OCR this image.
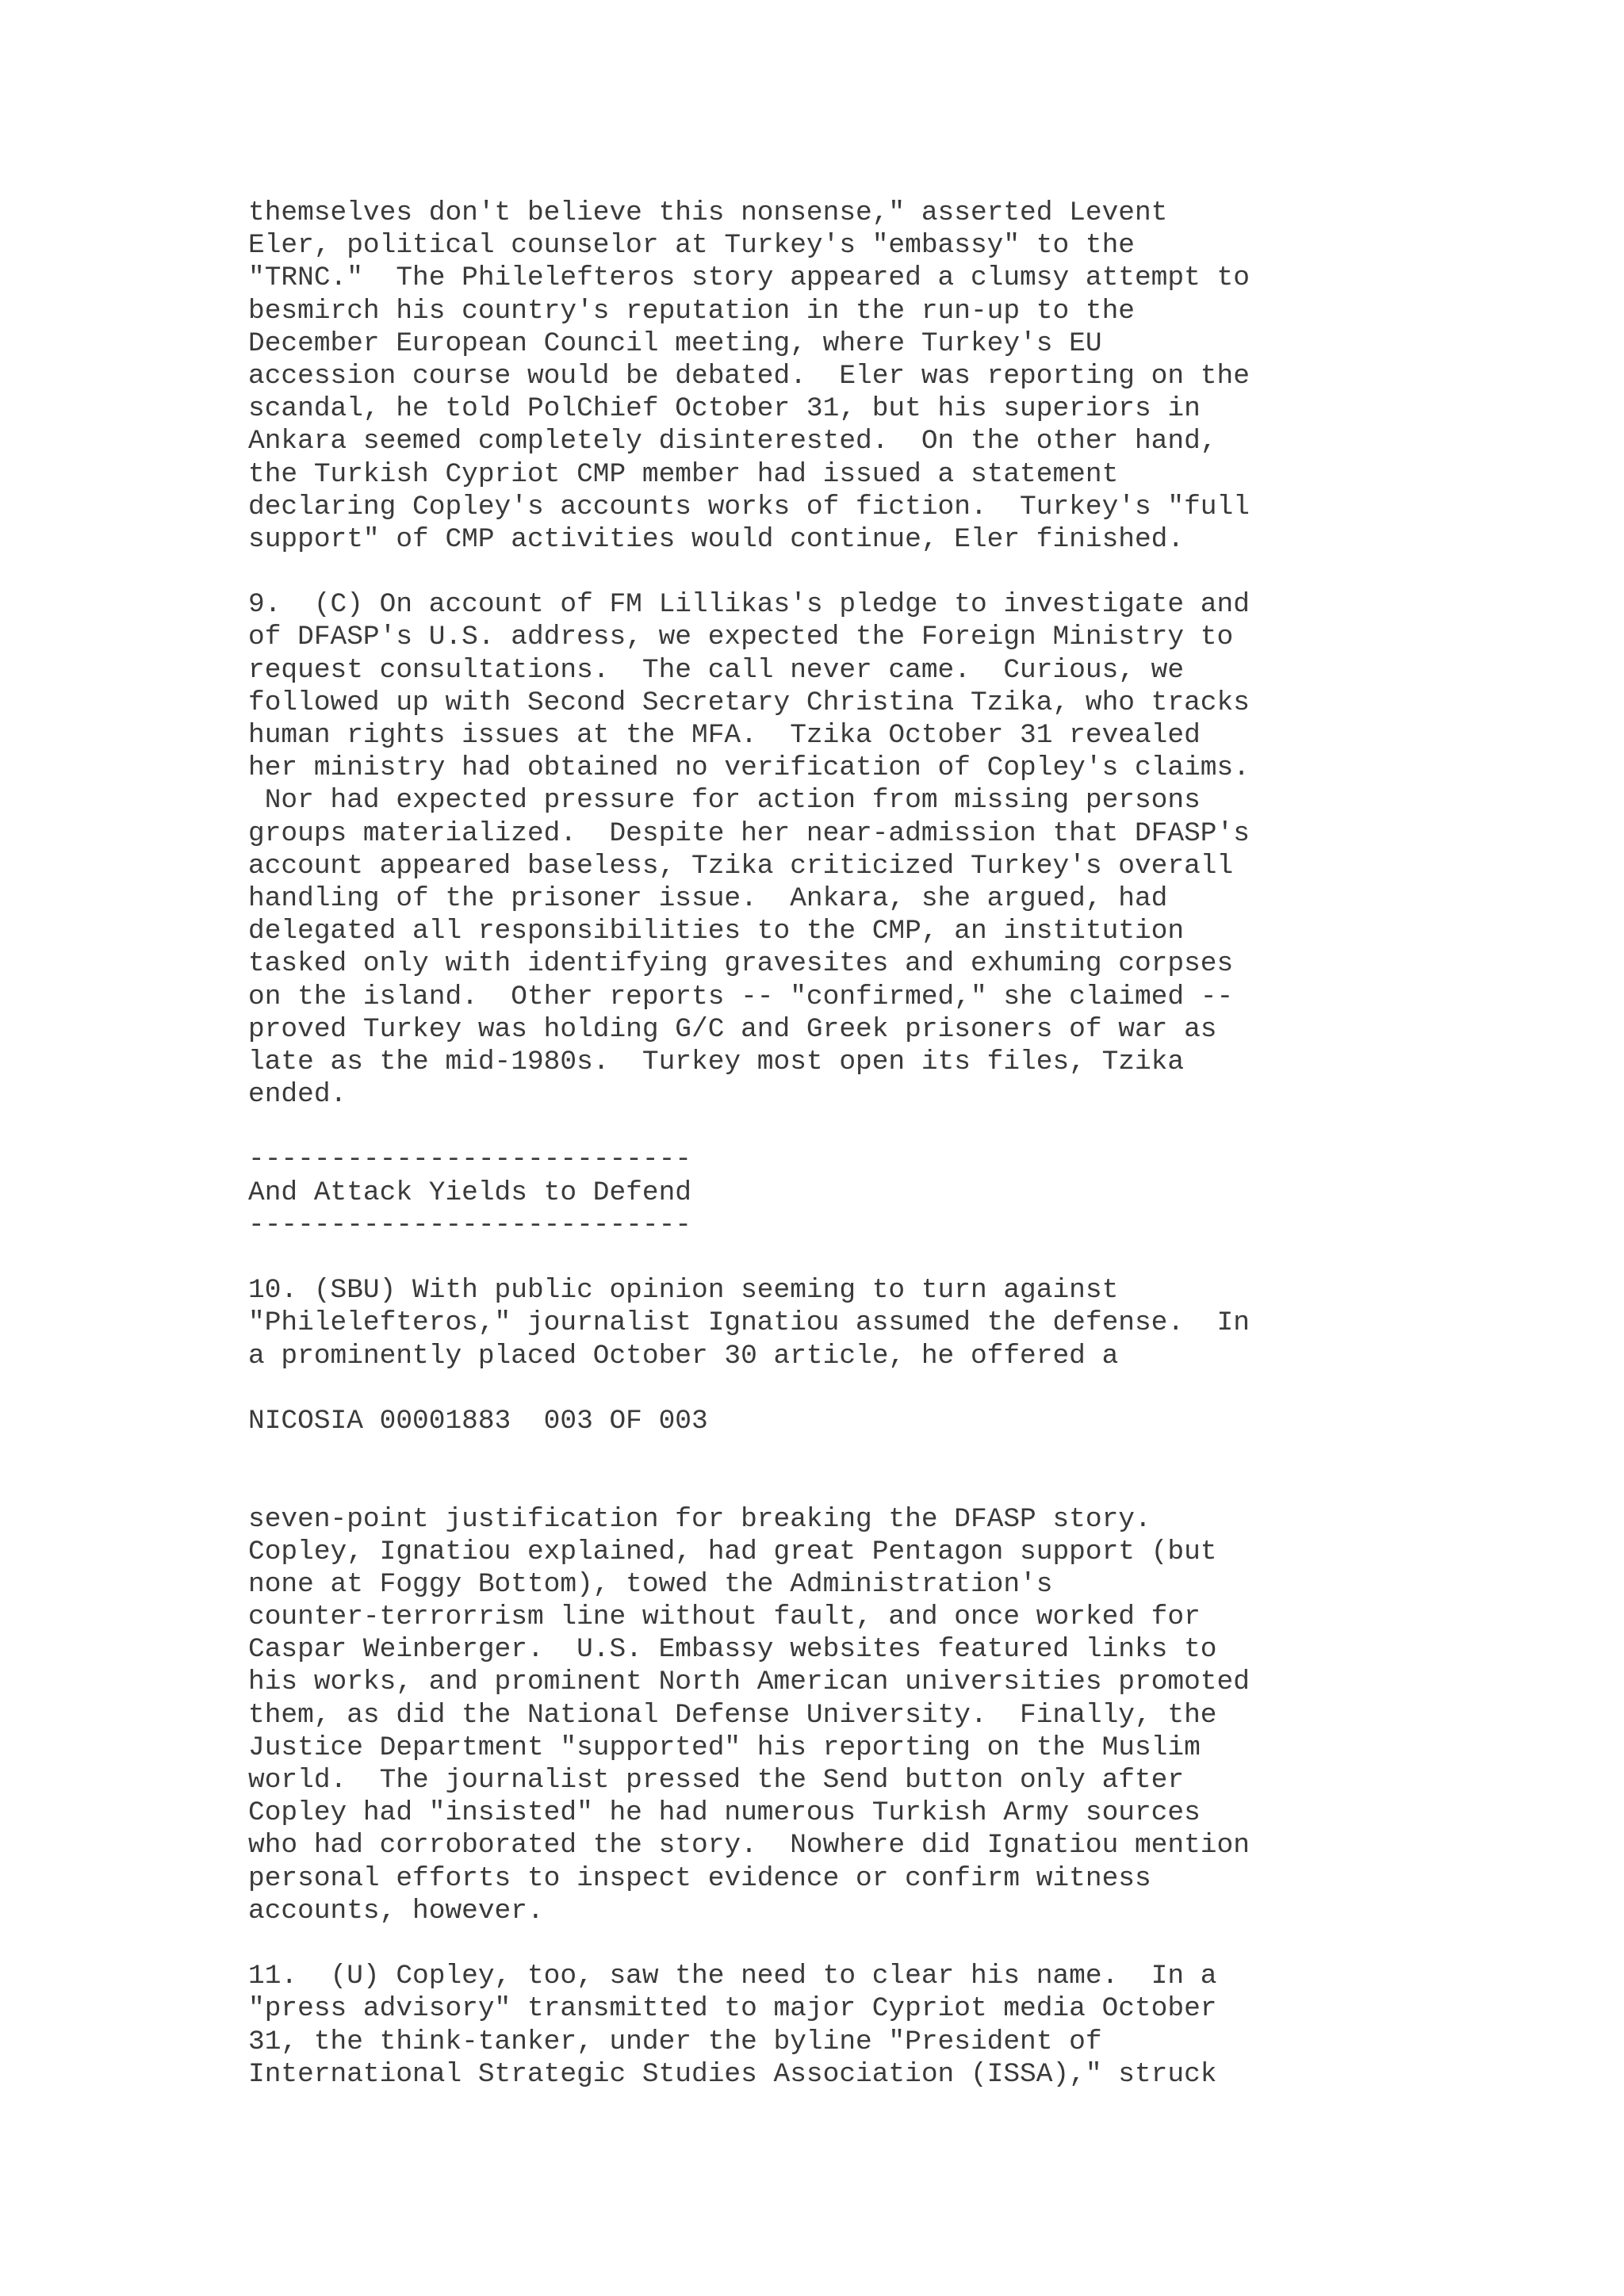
themselves don't believe this nonsense," asserted Levent
Eler, political counselor at Turkey's "embassy" to the
"TRNC."  The Philelefteros story appeared a clumsy attempt to
besmirch his country's reputation in the run-up to the
December European Council meeting, where Turkey's EU
accession course would be debated.  Eler was reporting on the
scandal, he told PolChief October 31, but his superiors in
Ankara seemed completely disinterested.  On the other hand,
the Turkish Cypriot CMP member had issued a statement
declaring Copley's accounts works of fiction.  Turkey's "full
support" of CMP activities would continue, Eler finished.
9.  (C) On account of FM Lillikas's pledge to investigate and
of DFASP's U.S. address, we expected the Foreign Ministry to
request consultations.  The call never came.  Curious, we
followed up with Second Secretary Christina Tzika, who tracks
human rights issues at the MFA.  Tzika October 31 revealed
her ministry had obtained no verification of Copley's claims.
Nor had expected pressure for action from missing persons
groups materialized.  Despite her near-admission that DFASP's
account appeared baseless, Tzika criticized Turkey's overall
handling of the prisoner issue.  Ankara, she argued, had
delegated all responsibilities to the CMP, an institution
tasked only with identifying gravesites and exhuming corpses
on the island.  Other reports -- "confirmed," she claimed --
proved Turkey was holding G/C and Greek prisoners of war as
late as the mid-1980s.  Turkey most open its files, Tzika
ended.
---------------------------
And Attack Yields to Defend
---------------------------
10. (SBU) With public opinion seeming to turn against
"Philelefteros," journalist Ignatiou assumed the defense.  In
a prominently placed October 30 article, he offered a
NICOSIA 00001883  003 OF 003
seven-point justification for breaking the DFASP story.
Copley, Ignatiou explained, had great Pentagon support (but
none at Foggy Bottom), towed the Administration's
counter-terrorrism line without fault, and once worked for
Caspar Weinberger.  U.S. Embassy websites featured links to
his works, and prominent North American universities promoted
them, as did the National Defense University.  Finally, the
Justice Department "supported" his reporting on the Muslim
world.  The journalist pressed the Send button only after
Copley had "insisted" he had numerous Turkish Army sources
who had corroborated the story.  Nowhere did Ignatiou mention
personal efforts to inspect evidence or confirm witness
accounts, however.
11.  (U) Copley, too, saw the need to clear his name.  In a
"press advisory" transmitted to major Cypriot media October
31, the think-tanker, under the byline "President of
International Strategic Studies Association (ISSA)," struck
